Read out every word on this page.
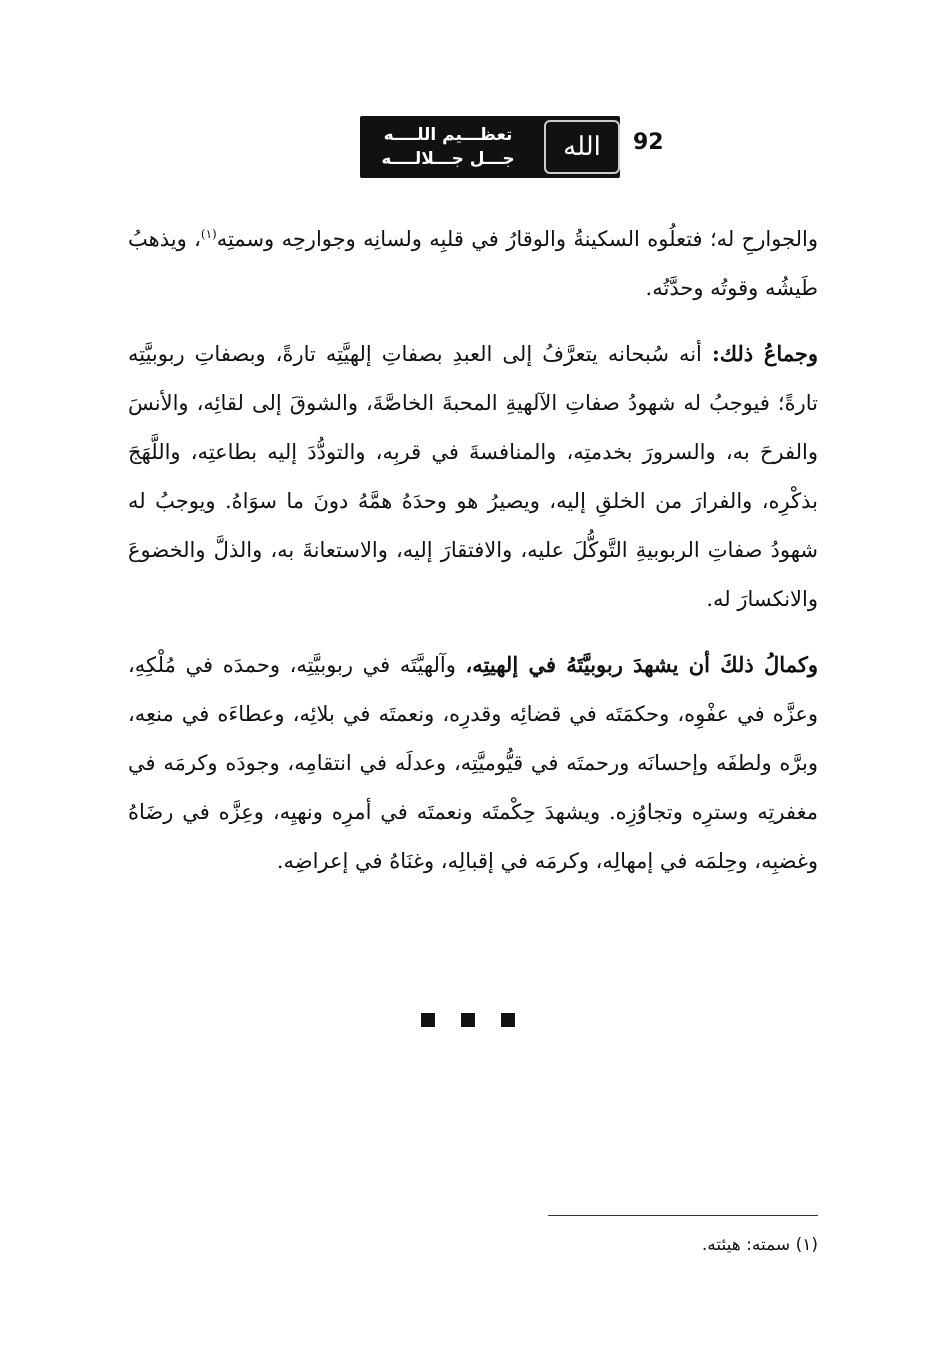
تعظـــيم اللــــه
جـــل جـــلالــــه	الله	92

والجوارحِ له؛ فتعلُوه السكينةُ والوقارُ في قلبِه ولسانِه وجوارحِه وسمتِه$^{(١)}$، ويذهبُ طَيشُه وقوتُه وحدَّتُه.

وجماعُ ذلك: أنه سُبحانه يتعرَّفُ إلى العبدِ بصفاتِ إلهيَّتِه تارةً، وبصفاتِ ربوبيَّتِه تارةً؛ فيوجبُ له شهودُ صفاتِ الآلهيةِ المحبةَ الخاصَّةَ، والشوقَ إلى لقائِه، والأنسَ والفرحَ به، والسرورَ بخدمتِه، والمنافسةَ في قربِه، والتودُّدَ إليه بطاعتِه، واللَّهَجَ بذكْرِه، والفرارَ من الخلقِ إليه، ويصيرُ هو وحدَهُ همَّهُ دونَ ما سوَاهُ. ويوجبُ له شهودُ صفاتِ الربوبيةِ التَّوكُّلَ عليه، والافتقارَ إليه، والاستعانةَ به، والذلَّ والخضوعَ والانكسارَ له.

وكمالُ ذلكَ أن يشهدَ ربوبيَّتَهُ في إلهيتِه، وآلهيَّتَه في ربوبيَّتِه، وحمدَه في مُلْكِهِ، وعزَّه في عفْوِه، وحكمَتَه في قضائِه وقدرِه، ونعمتَه في بلائِه، وعطاءَه في منعِه، وبرَّه ولطفَه وإحسانَه ورحمتَه في قيُّوميَّتِه، وعدلَه في انتقامِه، وجودَه وكرمَه في مغفرتِه وسترِه وتجاوُزِه. ويشهدَ حِكْمتَه ونعمتَه في أمرِه ونهيِه، وعِزَّه في رضَاهُ وغضبِه، وحِلمَه في إمهالِه، وكرمَه في إقبالِه، وغنَاهُ في إعراضِه.

(١) سمته: هيئته.
